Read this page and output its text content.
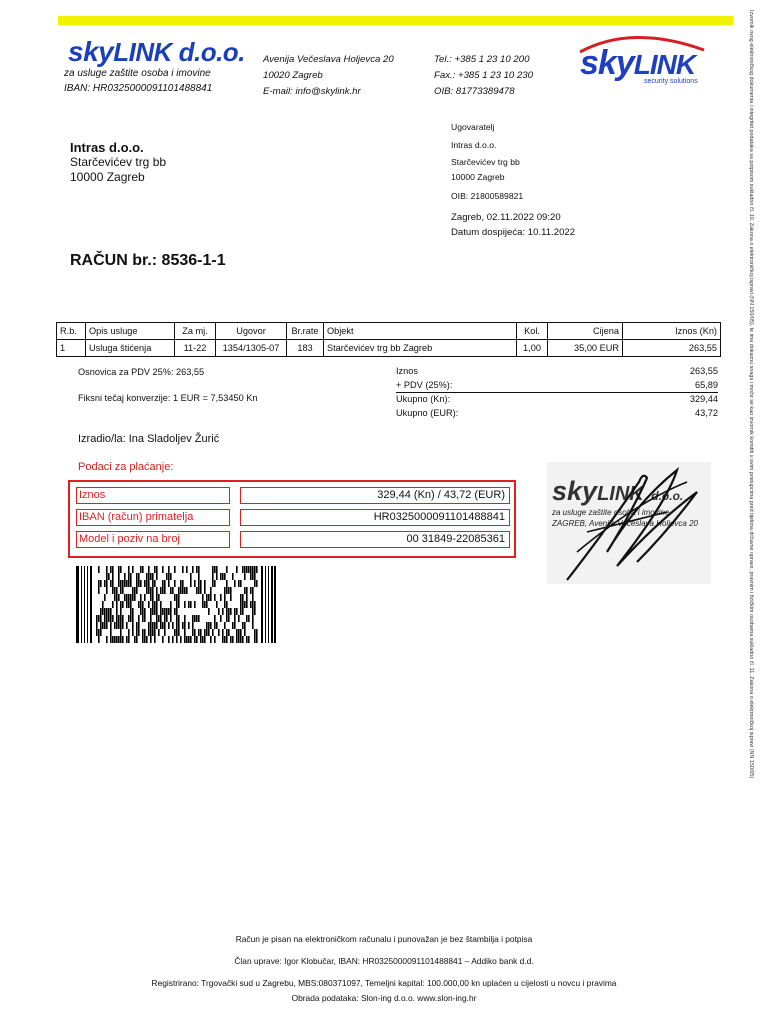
skyLINK d.o.o.
za usluge zaštite osoba i imovine
IBAN: HR0325000091101488841
Avenija Večeslava Holjevca 20
10020 Zagreb
E-mail: info@skylink.hr
Tel.: +385 1 23 10 200
Fax.: +385 1 23 10 230
OIB: 81773389478
skyLINK
security solutions
Intras d.o.o.
Starčevićev trg bb
10000 Zagreb
Ugovaratelj
Intras d.o.o.
Starčevićev trg bb
10000 Zagreb
OIB: 21800589821
Zagreb, 02.11.2022 09:20
Datum dospijeća: 10.11.2022
RAČUN br.: 8536-1-1
R.b.	Opis usluge	Za mj.	Ugovor	Br.rate	Objekt	Kol.	Cijena	Iznos (Kn)
1	Usluga štićenja	11-22	1354/1305-07	183	Starčevićev trg bb Zagreb	1,00	35,00 EUR	263,55
Osnovica za PDV 25%: 263,55
Fiksni tečaj konverzije: 1 EUR = 7,53450 Kn
Iznos	263,55
+ PDV (25%):	65,89
Ukupno (Kn):	329,44
Ukupno (EUR):	43,72
Izradio/la: Ina Sladoljev Žurić
Podaci za plaćanje:
Iznos	329,44 (Kn) / 43,72 (EUR)
IBAN (račun) primatelja	HR0325000091101488841
Model i poziv na broj	00 31849-22085361
skyLINK d.o.o.
za usluge zaštite osoba i imovine
ZAGREB, Avenija Večeslava Holjevca 20
Račun je pisan na elektroničkom računalu i punovažan je bez štambilja i potpisa
Član uprave: Igor Klobučar, IBAN: HR0325000091101488841 – Addiko bank d.d.
Registrirano: Trgovački sud u Zagrebu, MBS:080371097, Temeljni kapital: 100.000,00 kn uplaćen u cijelosti u novcu i pravima
Obrada podataka: Slon-ing d.o.o. www.slon-ing.hr
Izvornik ovog elektroničkog dokumenta i integritet podataka sa potpisom sukladno čl. 10. Zakona o elektroničkoj ispravi (NN 150/05), te ima dokaznu snagu i može se kao izvornik koristiti u svim postupcima pred tijelima državne uprave, pravnim i fizičkim osobama sukladno čl. 11. Zakona o elektroničkoj ispravi (NN 150/05)
